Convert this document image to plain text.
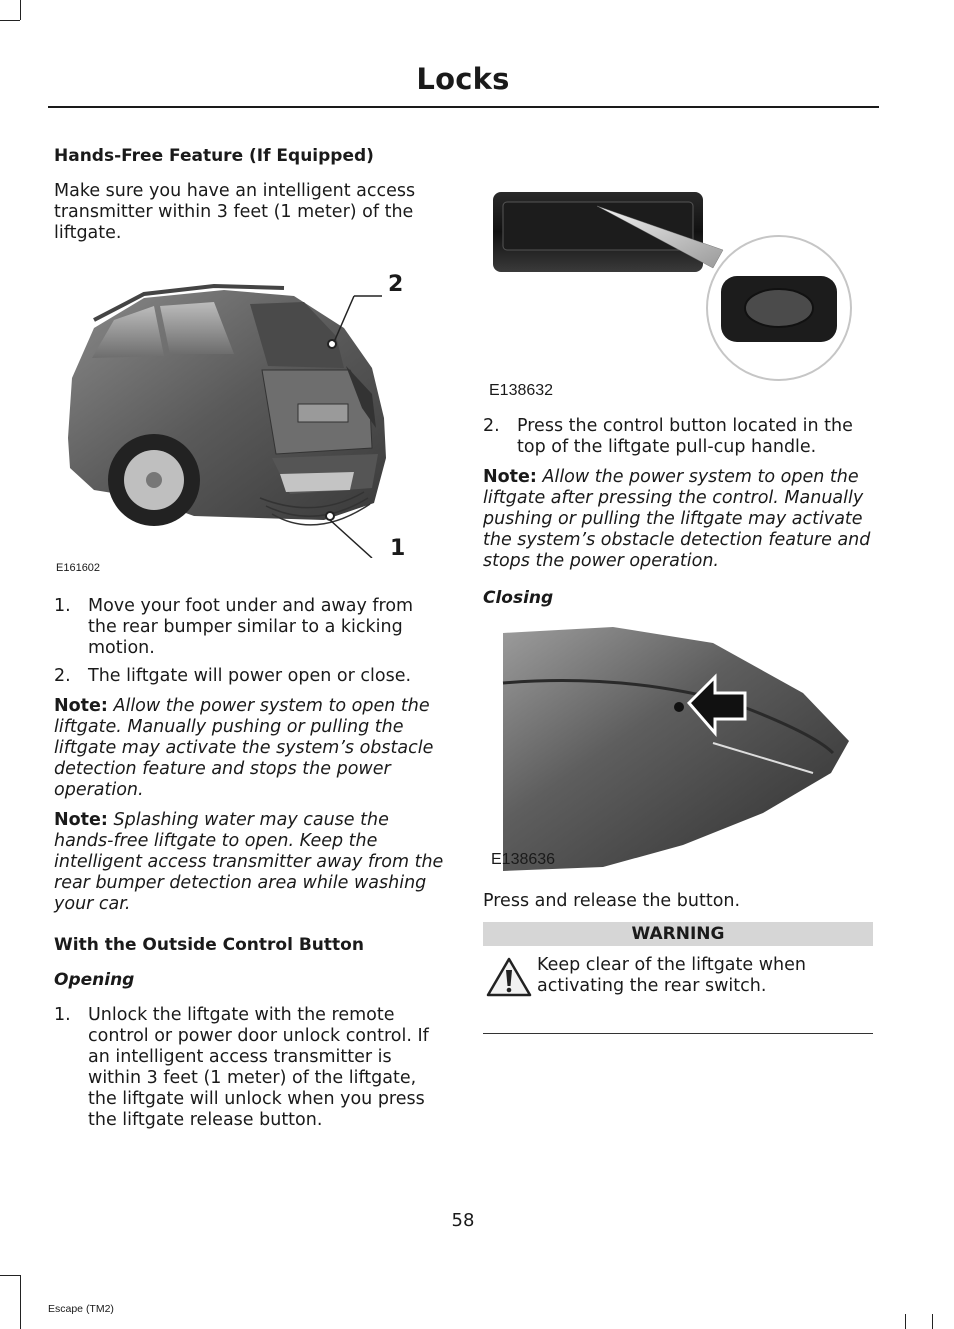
Locks
Hands-Free Feature (If Equipped)

Make sure you have an intelligent access transmitter within 3 feet (1 meter) of the liftgate.

2
1
E161602
1. Move your foot under and away from the rear bumper similar to a kicking motion.
2. The liftgate will power open or close.
Note: Allow the power system to open the liftgate. Manually pushing or pulling the liftgate may activate the system’s obstacle detection feature and stops the power operation.
Note: Splashing water may cause the hands-free liftgate to open. Keep the intelligent access transmitter away from the rear bumper detection area while washing your car.
With the Outside Control Button
Opening
1. Unlock the liftgate with the remote control or power door unlock control. If an intelligent access transmitter is within 3 feet (1 meter) of the liftgate, the liftgate will unlock when you press the liftgate release button.
E138632
2. Press the control button located in the top of the liftgate pull-cup handle.
Note: Allow the power system to open the liftgate after pressing the control. Manually pushing or pulling the liftgate may activate the system’s obstacle detection feature and stops the power operation.
Closing
E138636

Press and release the button.

WARNING
Keep clear of the liftgate when activating the rear switch.
58
Escape (TM2)
